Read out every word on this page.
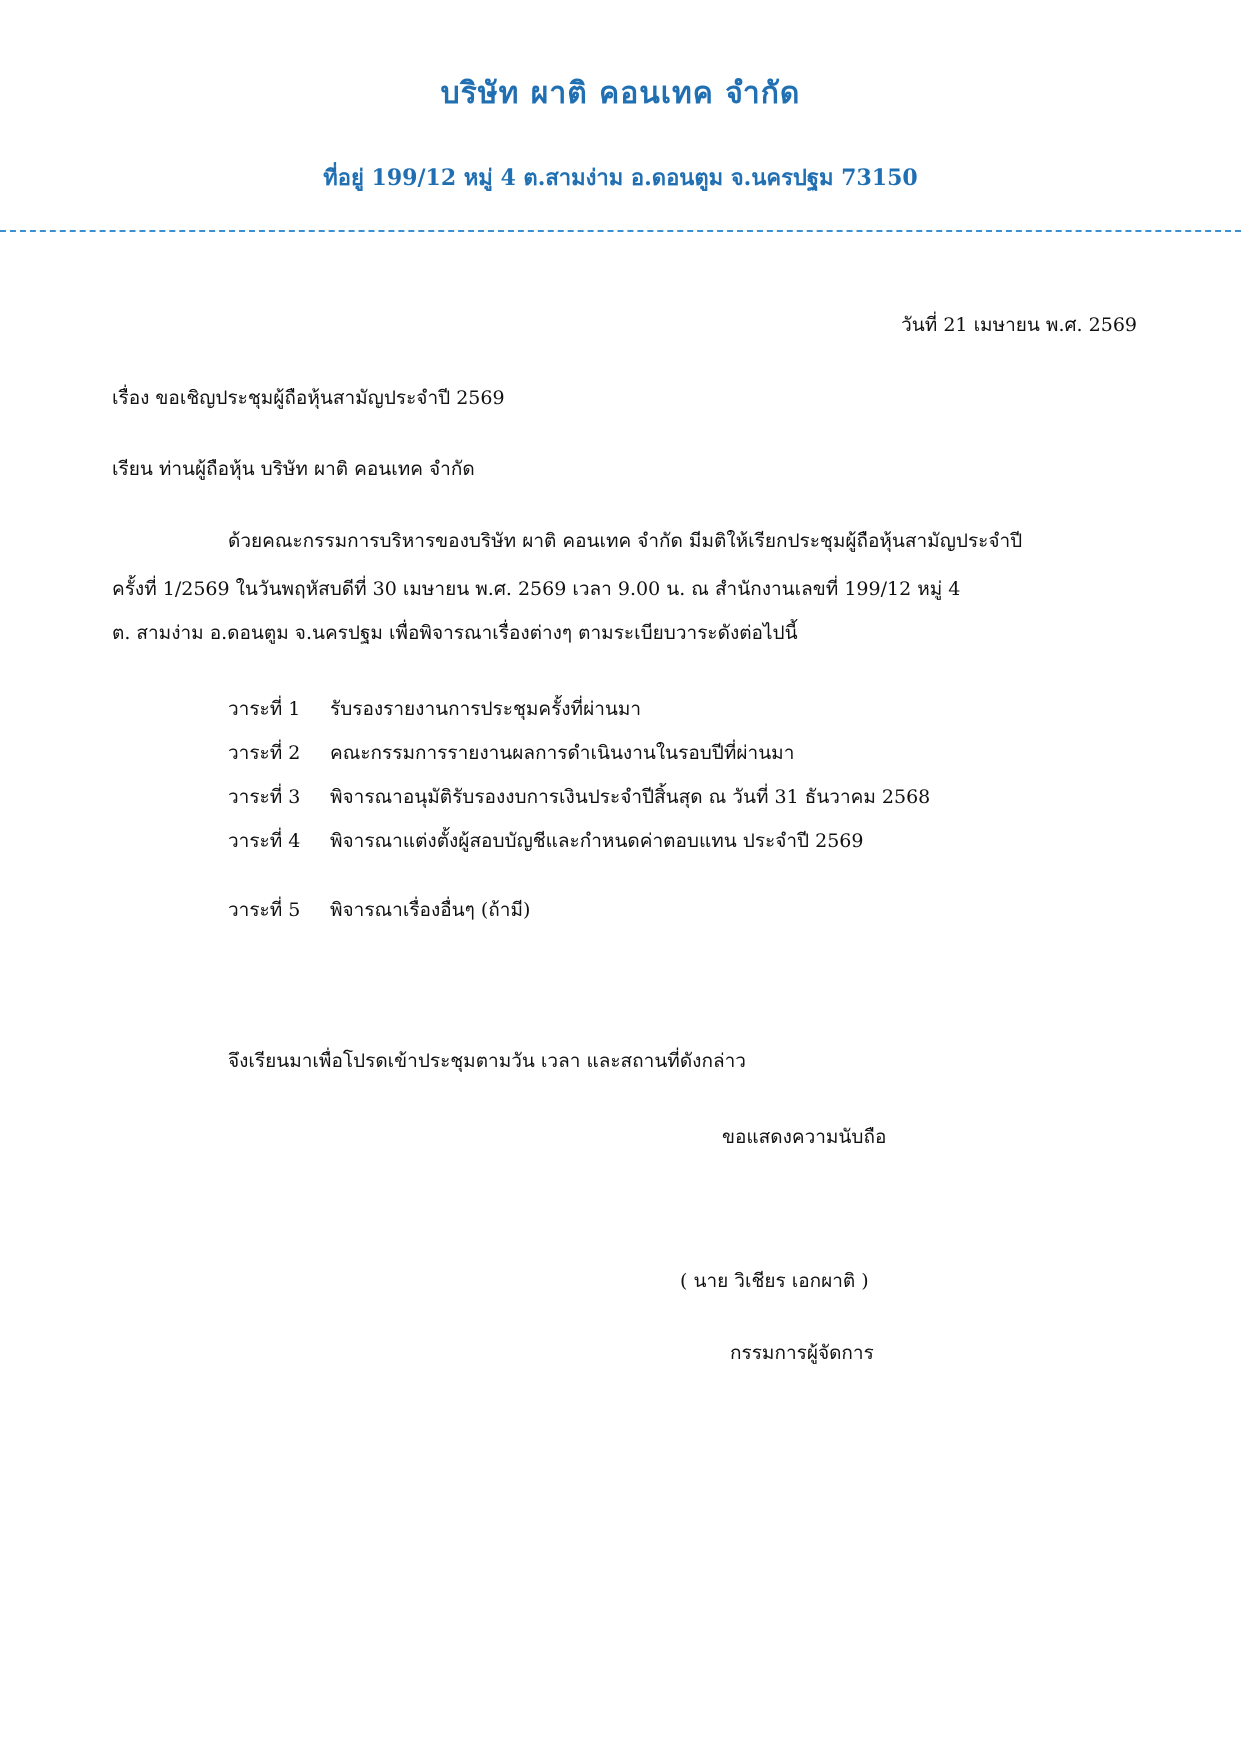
บริษัท ผาติ คอนเทค จำกัด
ที่อยู่ 199/12 หมู่ 4 ต.สามง่าม อ.ดอนตูม จ.นครปฐม 73150
วันที่ 21 เมษายน พ.ศ. 2569
เรื่อง ขอเชิญประชุมผู้ถือหุ้นสามัญประจำปี 2569
เรียน ท่านผู้ถือหุ้น บริษัท ผาติ คอนเทค จำกัด
ด้วยคณะกรรมการบริหารของบริษัท ผาติ คอนเทค จำกัด มีมติให้เรียกประชุมผู้ถือหุ้นสามัญประจำปี
ครั้งที่ 1/2569 ในวันพฤหัสบดีที่ 30 เมษายน พ.ศ. 2569 เวลา 9.00 น. ณ สำนักงานเลขที่ 199/12 หมู่ 4
ต. สามง่าม อ.ดอนตูม จ.นครปฐม เพื่อพิจารณาเรื่องต่างๆ ตามระเบียบวาระดังต่อไปนี้
วาระที่ 1 รับรองรายงานการประชุมครั้งที่ผ่านมา
วาระที่ 2 คณะกรรมการรายงานผลการดำเนินงานในรอบปีที่ผ่านมา
วาระที่ 3 พิจารณาอนุมัติรับรองงบการเงินประจำปีสิ้นสุด ณ วันที่ 31 ธันวาคม 2568
วาระที่ 4 พิจารณาแต่งตั้งผู้สอบบัญชีและกำหนดค่าตอบแทน ประจำปี 2569
วาระที่ 5 พิจารณาเรื่องอื่นๆ (ถ้ามี)
จึงเรียนมาเพื่อโปรดเข้าประชุมตามวัน เวลา และสถานที่ดังกล่าว
ขอแสดงความนับถือ
( นาย วิเชียร เอกผาติ )
กรรมการผู้จัดการ
